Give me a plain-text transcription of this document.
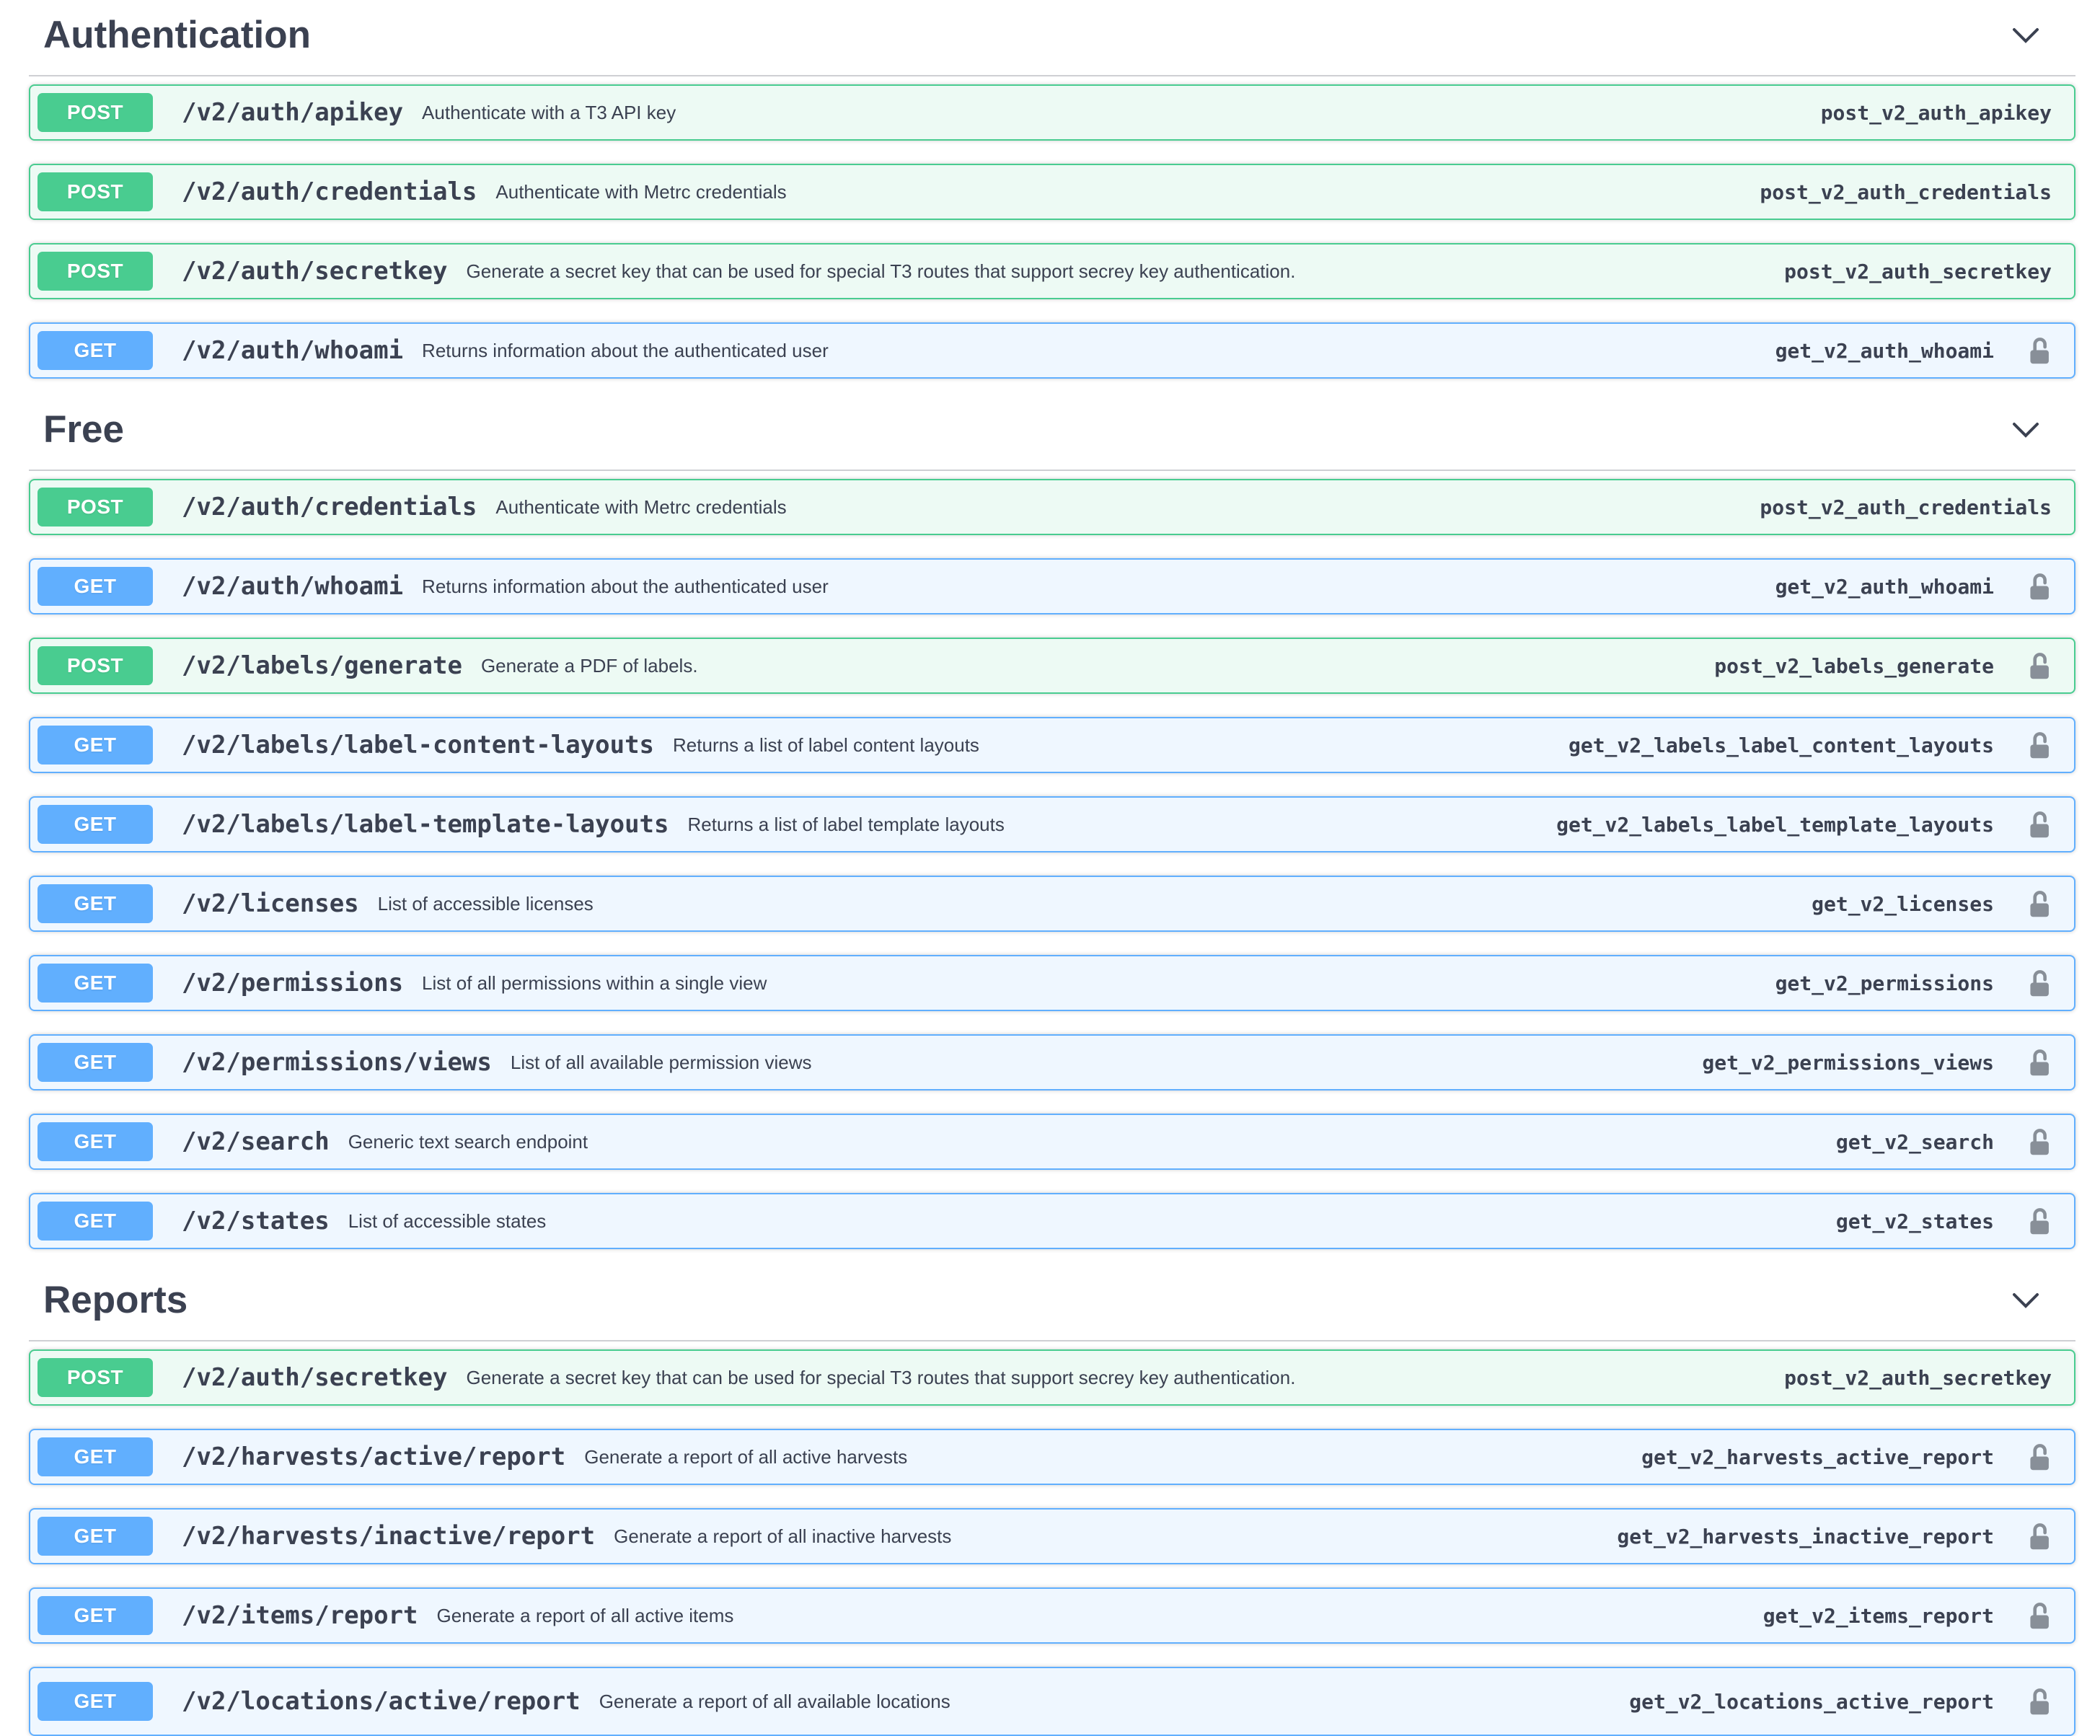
Authentication
POST	/v2/auth/apikey Authenticate with a T3 API key	post_v2_auth_apikey
POST	/v2/auth/credentials Authenticate with Metrc credentials	post_v2_auth_credentials
POST	/v2/auth/secretkey Generate a secret key that can be used for special T3 routes that support secrey key authentication.	post_v2_auth_secretkey
GET	/v2/auth/whoami Returns information about the authenticated user	get_v2_auth_whoami
Free
POST	/v2/auth/credentials Authenticate with Metrc credentials	post_v2_auth_credentials
GET	/v2/auth/whoami Returns information about the authenticated user	get_v2_auth_whoami
POST	/v2/labels/generate Generate a PDF of labels.	post_v2_labels_generate
GET	/v2/labels/label-content-layouts Returns a list of label content layouts	get_v2_labels_label_content_layouts
GET	/v2/labels/label-template-layouts Returns a list of label template layouts	get_v2_labels_label_template_layouts
GET	/v2/licenses List of accessible licenses	get_v2_licenses
GET	/v2/permissions List of all permissions within a single view	get_v2_permissions
GET	/v2/permissions/views List of all available permission views	get_v2_permissions_views
GET	/v2/search Generic text search endpoint	get_v2_search
GET	/v2/states List of accessible states	get_v2_states
Reports
POST	/v2/auth/secretkey Generate a secret key that can be used for special T3 routes that support secrey key authentication.	post_v2_auth_secretkey
GET	/v2/harvests/active/report Generate a report of all active harvests	get_v2_harvests_active_report
GET	/v2/harvests/inactive/report Generate a report of all inactive harvests	get_v2_harvests_inactive_report
GET	/v2/items/report Generate a report of all active items	get_v2_items_report
GET	/v2/locations/active/report Generate a report of all available locations	get_v2_locations_active_report
